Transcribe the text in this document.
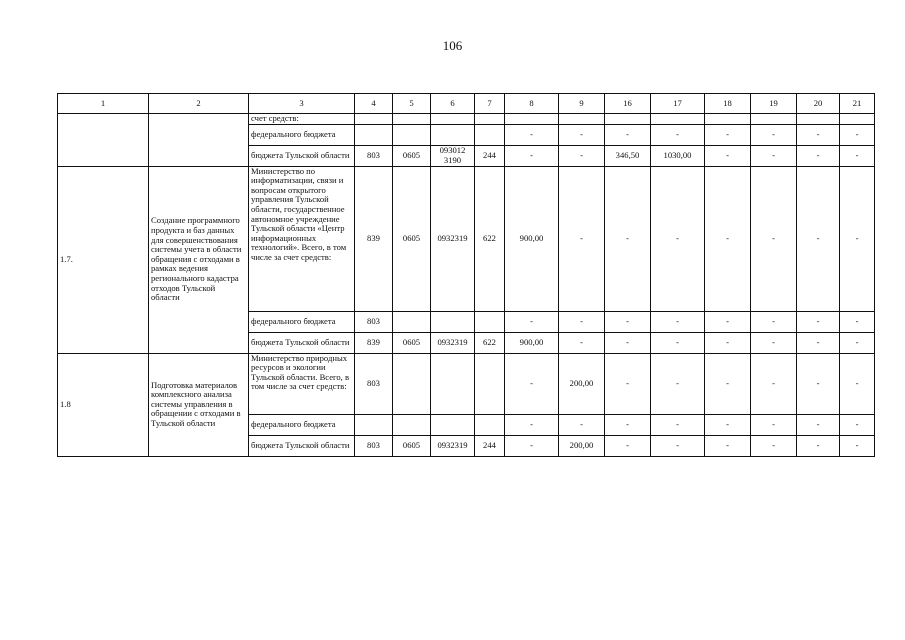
106
1	2	3	4	5	6	7	8	9	16	17	18	19	20	21
		счет средств:												
		федерального бюджета					-	-	-	-	-	-	-	-
		бюджета Тульской области	803	0605	093012 3190	244	-	-	346,50	1030,00	-	-	-	-
1.7.	Создание программного продукта и баз данных для совершенствования системы учета в области обращения с отходами в рамках ведения регионального кадастра отходов Тульской области	Министерство по информатизации, связи и вопросам открытого управления Тульской области, государственное автономное учреждение Тульской области «Центр информационных технологий». Всего, в том числе за счет средств:	839	0605	0932319	622	900,00	-	-	-	-	-	-	-
		федерального бюджета	803				-	-	-	-	-	-	-	-
		бюджета Тульской области	839	0605	0932319	622	900,00	-	-	-	-	-	-	-
1.8	Подготовка материалов комплексного анализа системы управления в обращении с отходами в Тульской области	Министерство природных ресурсов и экологии Тульской области. Всего, в том числе за счет средств:	803				-	200,00	-	-	-	-	-	-
		федерального бюджета					-	-	-	-	-	-	-	-
		бюджета Тульской области	803	0605	0932319	244	-	200,00	-	-	-	-	-	-
